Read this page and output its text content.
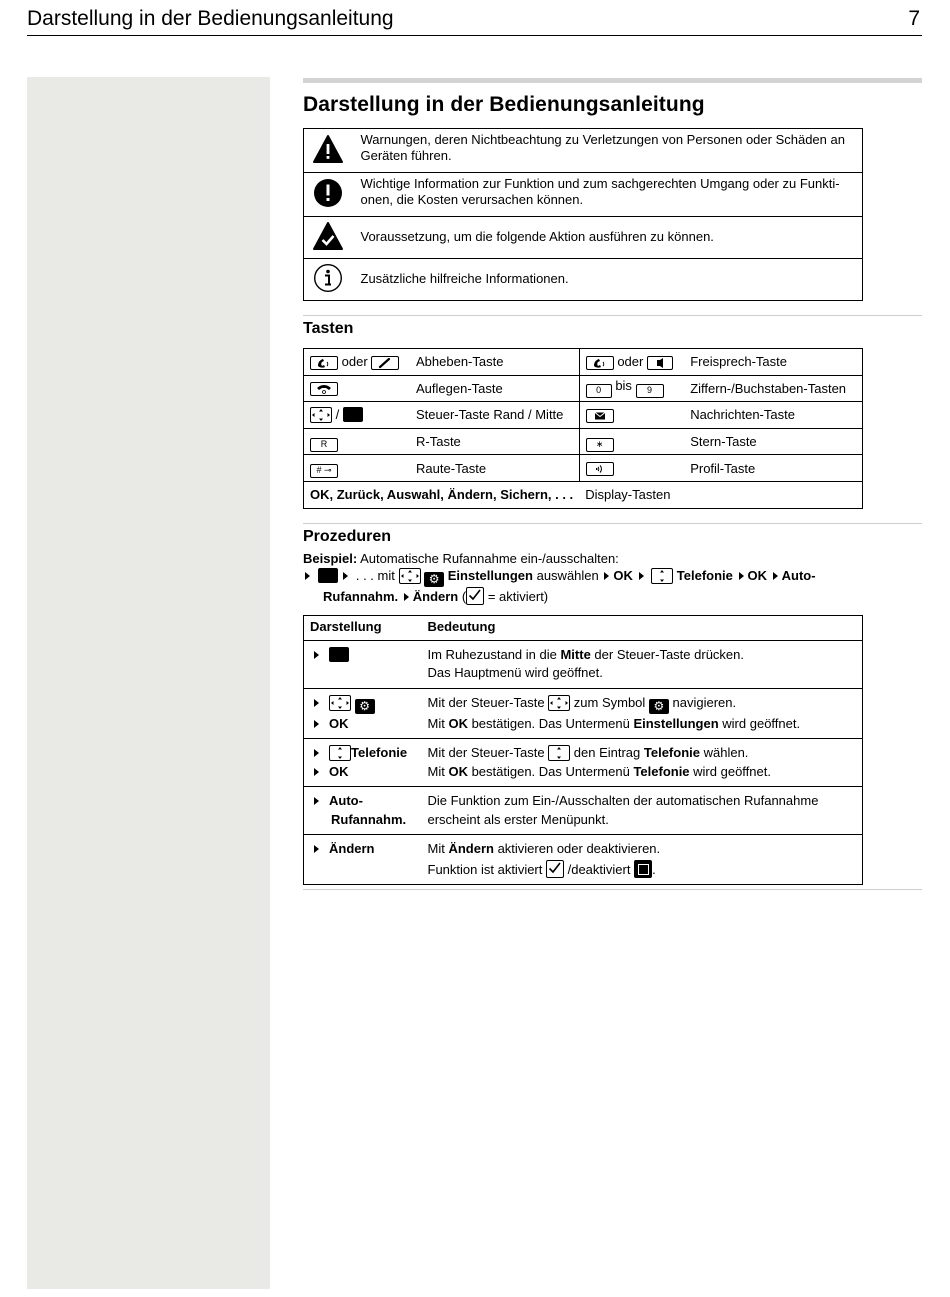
Darstellung in der Bedienungsanleitung	7
Darstellung in der Bedienungsanleitung
	Warnungen, deren Nichtbeachtung zu Verletzungen von Personen oder Schäden an Geräten führen.
	Wichtige Information zur Funktion und zum sachgerechten Umgang oder zu Funkti-onen, die Kosten verursachen können.
	Voraussetzung, um die folgende Aktion ausführen zu können.
	Zusätzliche hilfreiche Informationen.
Tasten
oder	Abheben-Taste	oder	Freisprech-Taste
	Auflegen-Taste	0 bis 9	Ziffern-/Buchstaben-Tasten
/	Steuer-Taste Rand / Mitte		Nachrichten-Taste
R	R-Taste	∗	Stern-Taste
# ⊸	Raute-Taste		Profil-Taste
OK, Zurück, Auswahl, Ändern, Sichern, . . .		Display-Tasten	
Prozeduren
Beispiel: Automatische Rufannahme ein-/ausschalten:
. . . mit	⚙ Einstellungen auswählen OK	Telefonie OK Auto-
Rufannahm. Ändern (
= aktiviert)
Darstellung	Bedeutung
	Im Ruhezustand in die Mitte der Steuer-Taste drücken.
	Das Hauptmenü wird geöffnet.
⚙	Mit der Steuer-Taste  zum Symbol ⚙ navigieren.
OK	Mit OK bestätigen. Das Untermenü Einstellungen wird geöffnet.
Telefonie	Mit der Steuer-Taste  den Eintrag Telefonie wählen.
OK	Mit OK bestätigen. Das Untermenü Telefonie wird geöffnet.
Auto-	Die Funktion zum Ein-/Ausschalten der automatischen Rufannahme
Rufannahm.	erscheint als erster Menüpunkt.
Ändern	Mit Ändern aktivieren oder deaktivieren.
	Funktion ist aktiviert
/deaktiviert .
